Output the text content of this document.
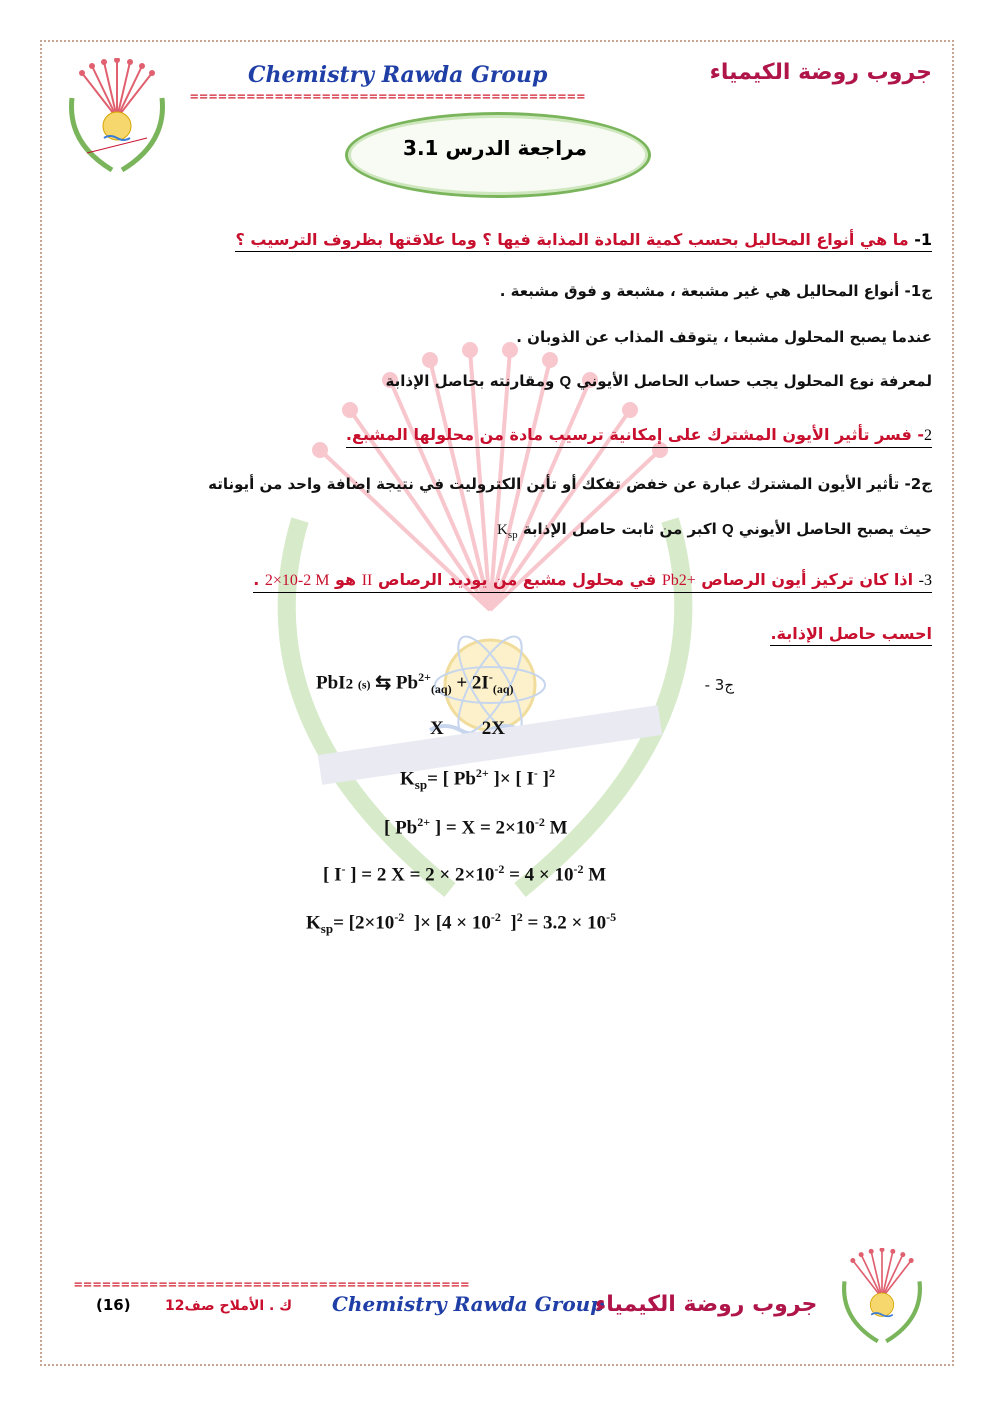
Chemistry Rawda Group	جروب روضة الكيمياء
==========================================
مراجعة الدرس 3.1
1- ما هي أنواع المحاليل بحسب كمية المادة المذابة فيها ؟ وما علاقتها بظروف الترسيب ؟
ج1- أنواع المحاليل هي غير مشبعة ، مشبعة و فوق مشبعة .
عندما يصبح المحلول مشبعا ، يتوقف المذاب عن الذوبان .
لمعرفة نوع المحلول يجب حساب الحاصل الأيوني Q ومقارنته بحاصل الإذابة
2- فسر تأثير الأيون المشترك على إمكانية ترسيب مادة من محلولها المشبع.
ج2- تأثير الأيون المشترك عبارة عن خفض تفكك أو تأين الكتروليت في نتيجة إضافة واحد من أيوناته
حيث يصبح الحاصل الأيوني Q اكبر من ثابت حاصل الإذابة $K_{sp}$
3- اذا كان تركيز أيون الرصاص Pb2+ في محلول مشبع من يوديد الرصاص II هو 2×10-2 M .
احسب حاصل الإذابة.
ج3 -
PbI2 (s) ⇆ $Pb^{2+}_{(aq)} + 2I^-_{(aq)}$
X        2X
$K_{sp}=$ [ $Pb^{2+}$ ]× [ I- ]$^2$
[ $Pb^{2+}$ ] = $X = 2\times 10^{-2}$ M
[ I- ] = 2 $X = 2 \times 2\times 10^{-2} = 4 \times 10^{-2}$ M
$K_{sp}= [2\times 10^{-2}$  ]× [$4 \times 10^{-2}$  ]$^2 = 3.2 \times 10^{-5}$
==========================================
(16) ك . الأملاح صف12 Chemistry Rawda Group
جروب روضة الكيمياء
